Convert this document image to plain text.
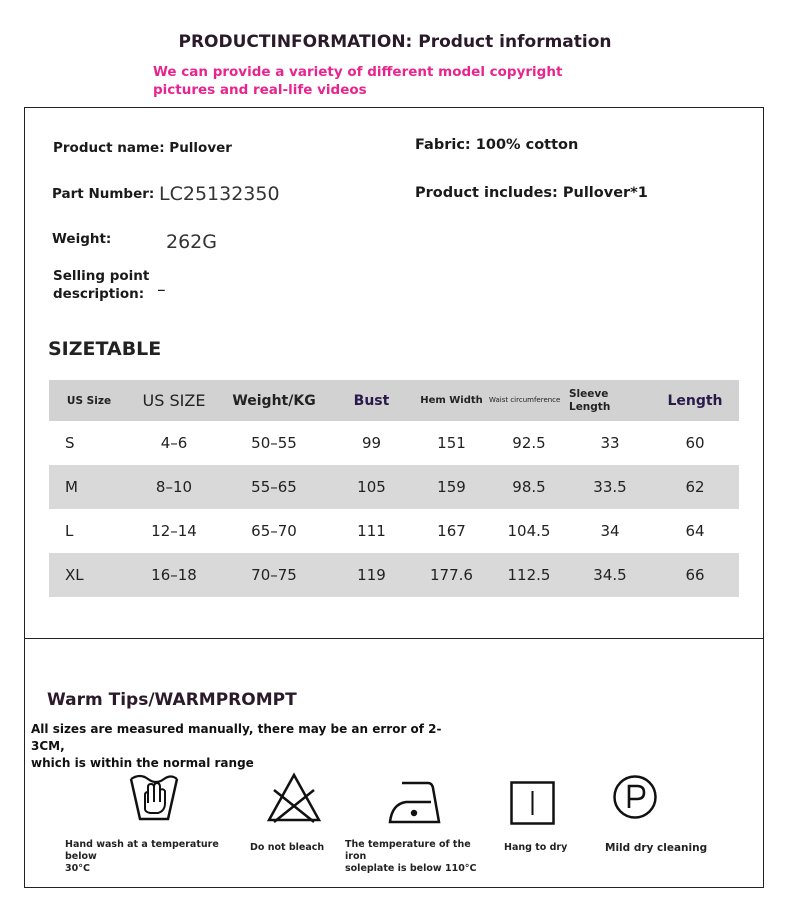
PRODUCTINFORMATION: Product information
We can provide a variety of different model copyright
pictures and real-life videos
Product name: Pullover
Part Number: LC25132350
Weight:	262G
Selling point
description:
_
Fabric: 100% cotton
Product includes: Pullover*1
SIZETABLE
US Size	US SIZE	Weight/KG	Bust	Hem Width	Waist circumference	Sleeve Length	Length
S	4–6	50–55	99	151	92.5	33	60
M	8–10	55–65	105	159	98.5	33.5	62
L	12–14	65–70	111	167	104.5	34	64
XL	16–18	70–75	119	177.6	112.5	34.5	66
Warm Tips/WARMPROMPT
All sizes are measured manually, there may be an error of 2-3CM,
which is within the normal range
Hand wash at a temperature below
30°C
Do not bleach	The temperature of the iron
soleplate is below 110°C
Hang to dry	Mild dry cleaning
